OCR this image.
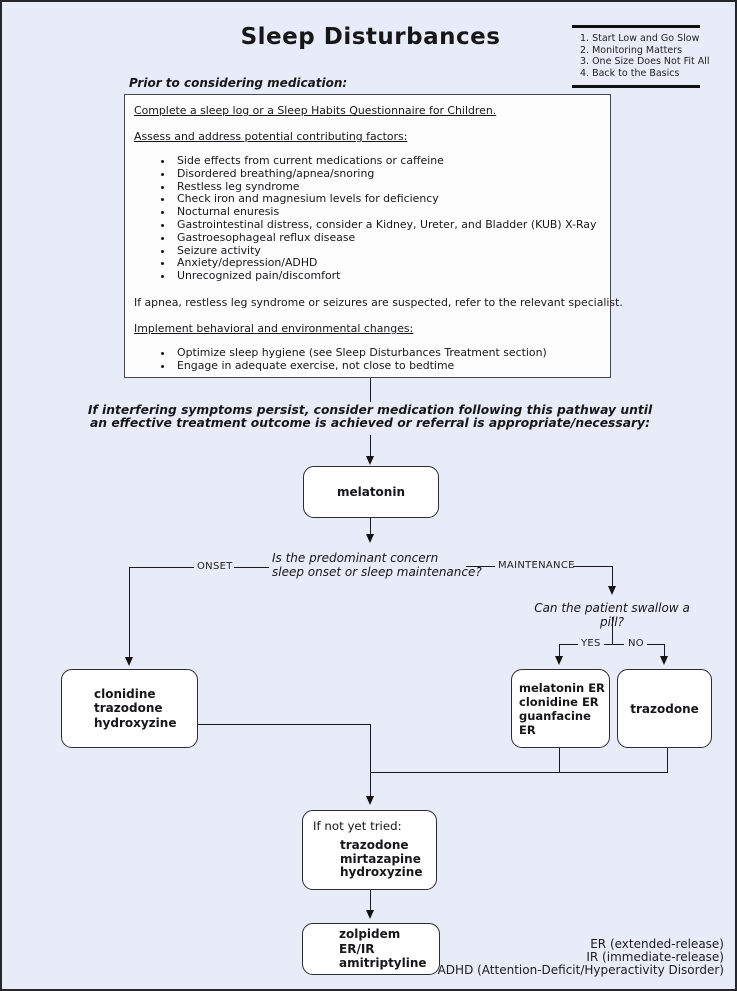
Sleep Disturbances	1. Start Low and Go Slow
2. Monitoring Matters
3. One Size Does Not Fit All
4. Back to the Basics
Prior to considering medication:

Complete a sleep log or a Sleep Habits Questionnaire for Children.

Assess and address potential contributing factors:

• Side effects from current medications or caffeine
• Disordered breathing/apnea/snoring
• Restless leg syndrome
• Check iron and magnesium levels for deficiency
• Nocturnal enuresis
• Gastrointestinal distress, consider a Kidney, Ureter, and Bladder (KUB) X-Ray
• Gastroesophageal reflux disease
• Seizure activity
• Anxiety/depression/ADHD
• Unrecognized pain/discomfort

If apnea, restless leg syndrome or seizures are suspected, refer to the relevant specialist.

Implement behavioral and environmental changes:

• Optimize sleep hygiene (see Sleep Disturbances Treatment section)
• Engage in adequate exercise, not close to bedtime
If interfering symptoms persist, consider medication following this pathway until
an effective treatment outcome is achieved or referral is appropriate/necessary:
Is the predominant concern
sleep onset or sleep maintenance?
ONSET	MAINTENANCE
Can the patient swallow a pill?
YES	NO
melatonin
clonidine
trazodone
hydroxyzine
melatonin ER
clonidine ER
guanfacine ER
trazodone
If not yet tried:
trazodone
mirtazapine
hydroxyzine
zolpidem ER/IR
amitriptyline
ER (extended-release)
IR (immediate-release)
ADHD (Attention-Deficit/Hyperactivity Disorder)
